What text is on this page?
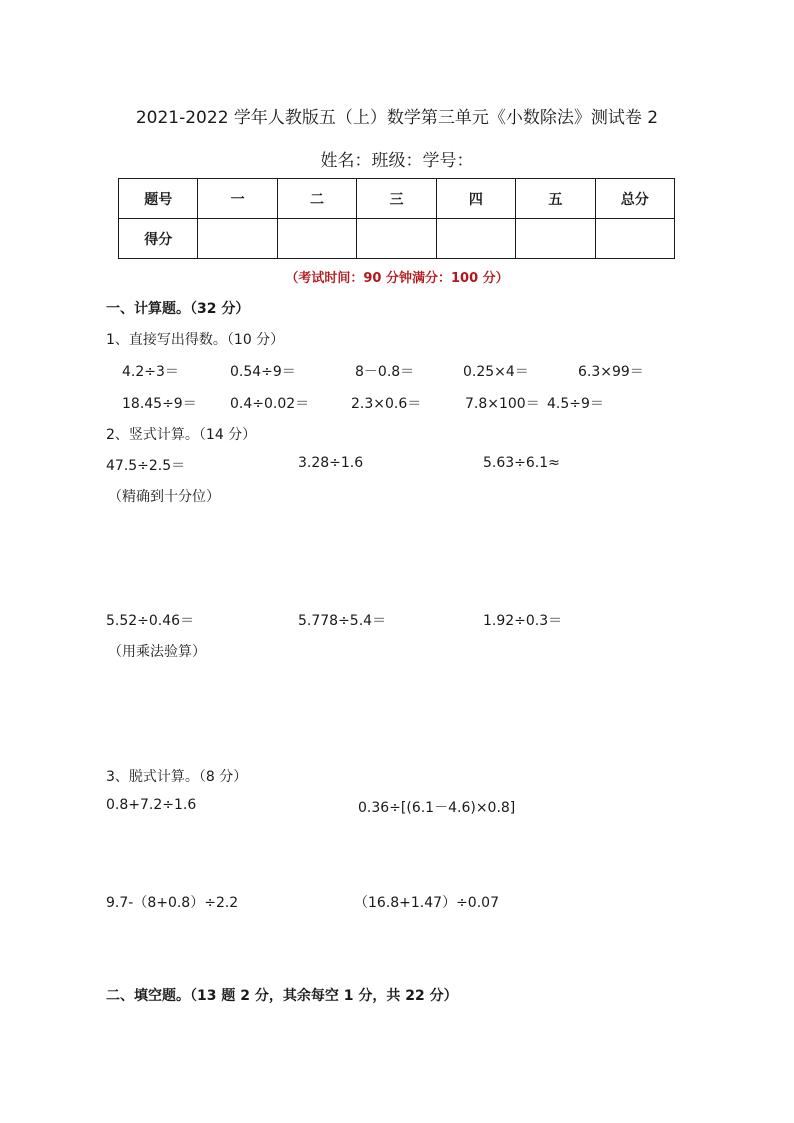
2021-2022 学年人教版五（上）数学第三单元《小数除法》测试卷 2
姓名：班级：学号：
题号	一	二	三	四	五	总分
得分						
（考试时间：90 分钟满分：100 分）
一、计算题。（32 分）
1、直接写出得数。（10 分）
4.2÷3＝	0.54÷9＝	8－0.8＝	0.25×4＝	6.3×99＝
18.45÷9＝ 0.4÷0.02＝	2.3×0.6＝	7.8×100＝ 4.5÷9＝
2、竖式计算。（14 分）
47.5÷2.5＝	3.28÷1.6	5.63÷6.1≈
（精确到十分位）
5.52÷0.46＝	5.778÷5.4＝	1.92÷0.3＝
（用乘法验算）
3、脱式计算。（8 分）
0.8+7.2÷1.6	0.36÷[(6.1－4.6)×0.8]
9.7-（8+0.8）÷2.2	（16.8+1.47）÷0.07
二、填空题。（13 题 2 分，其余每空 1 分，共 22 分）
